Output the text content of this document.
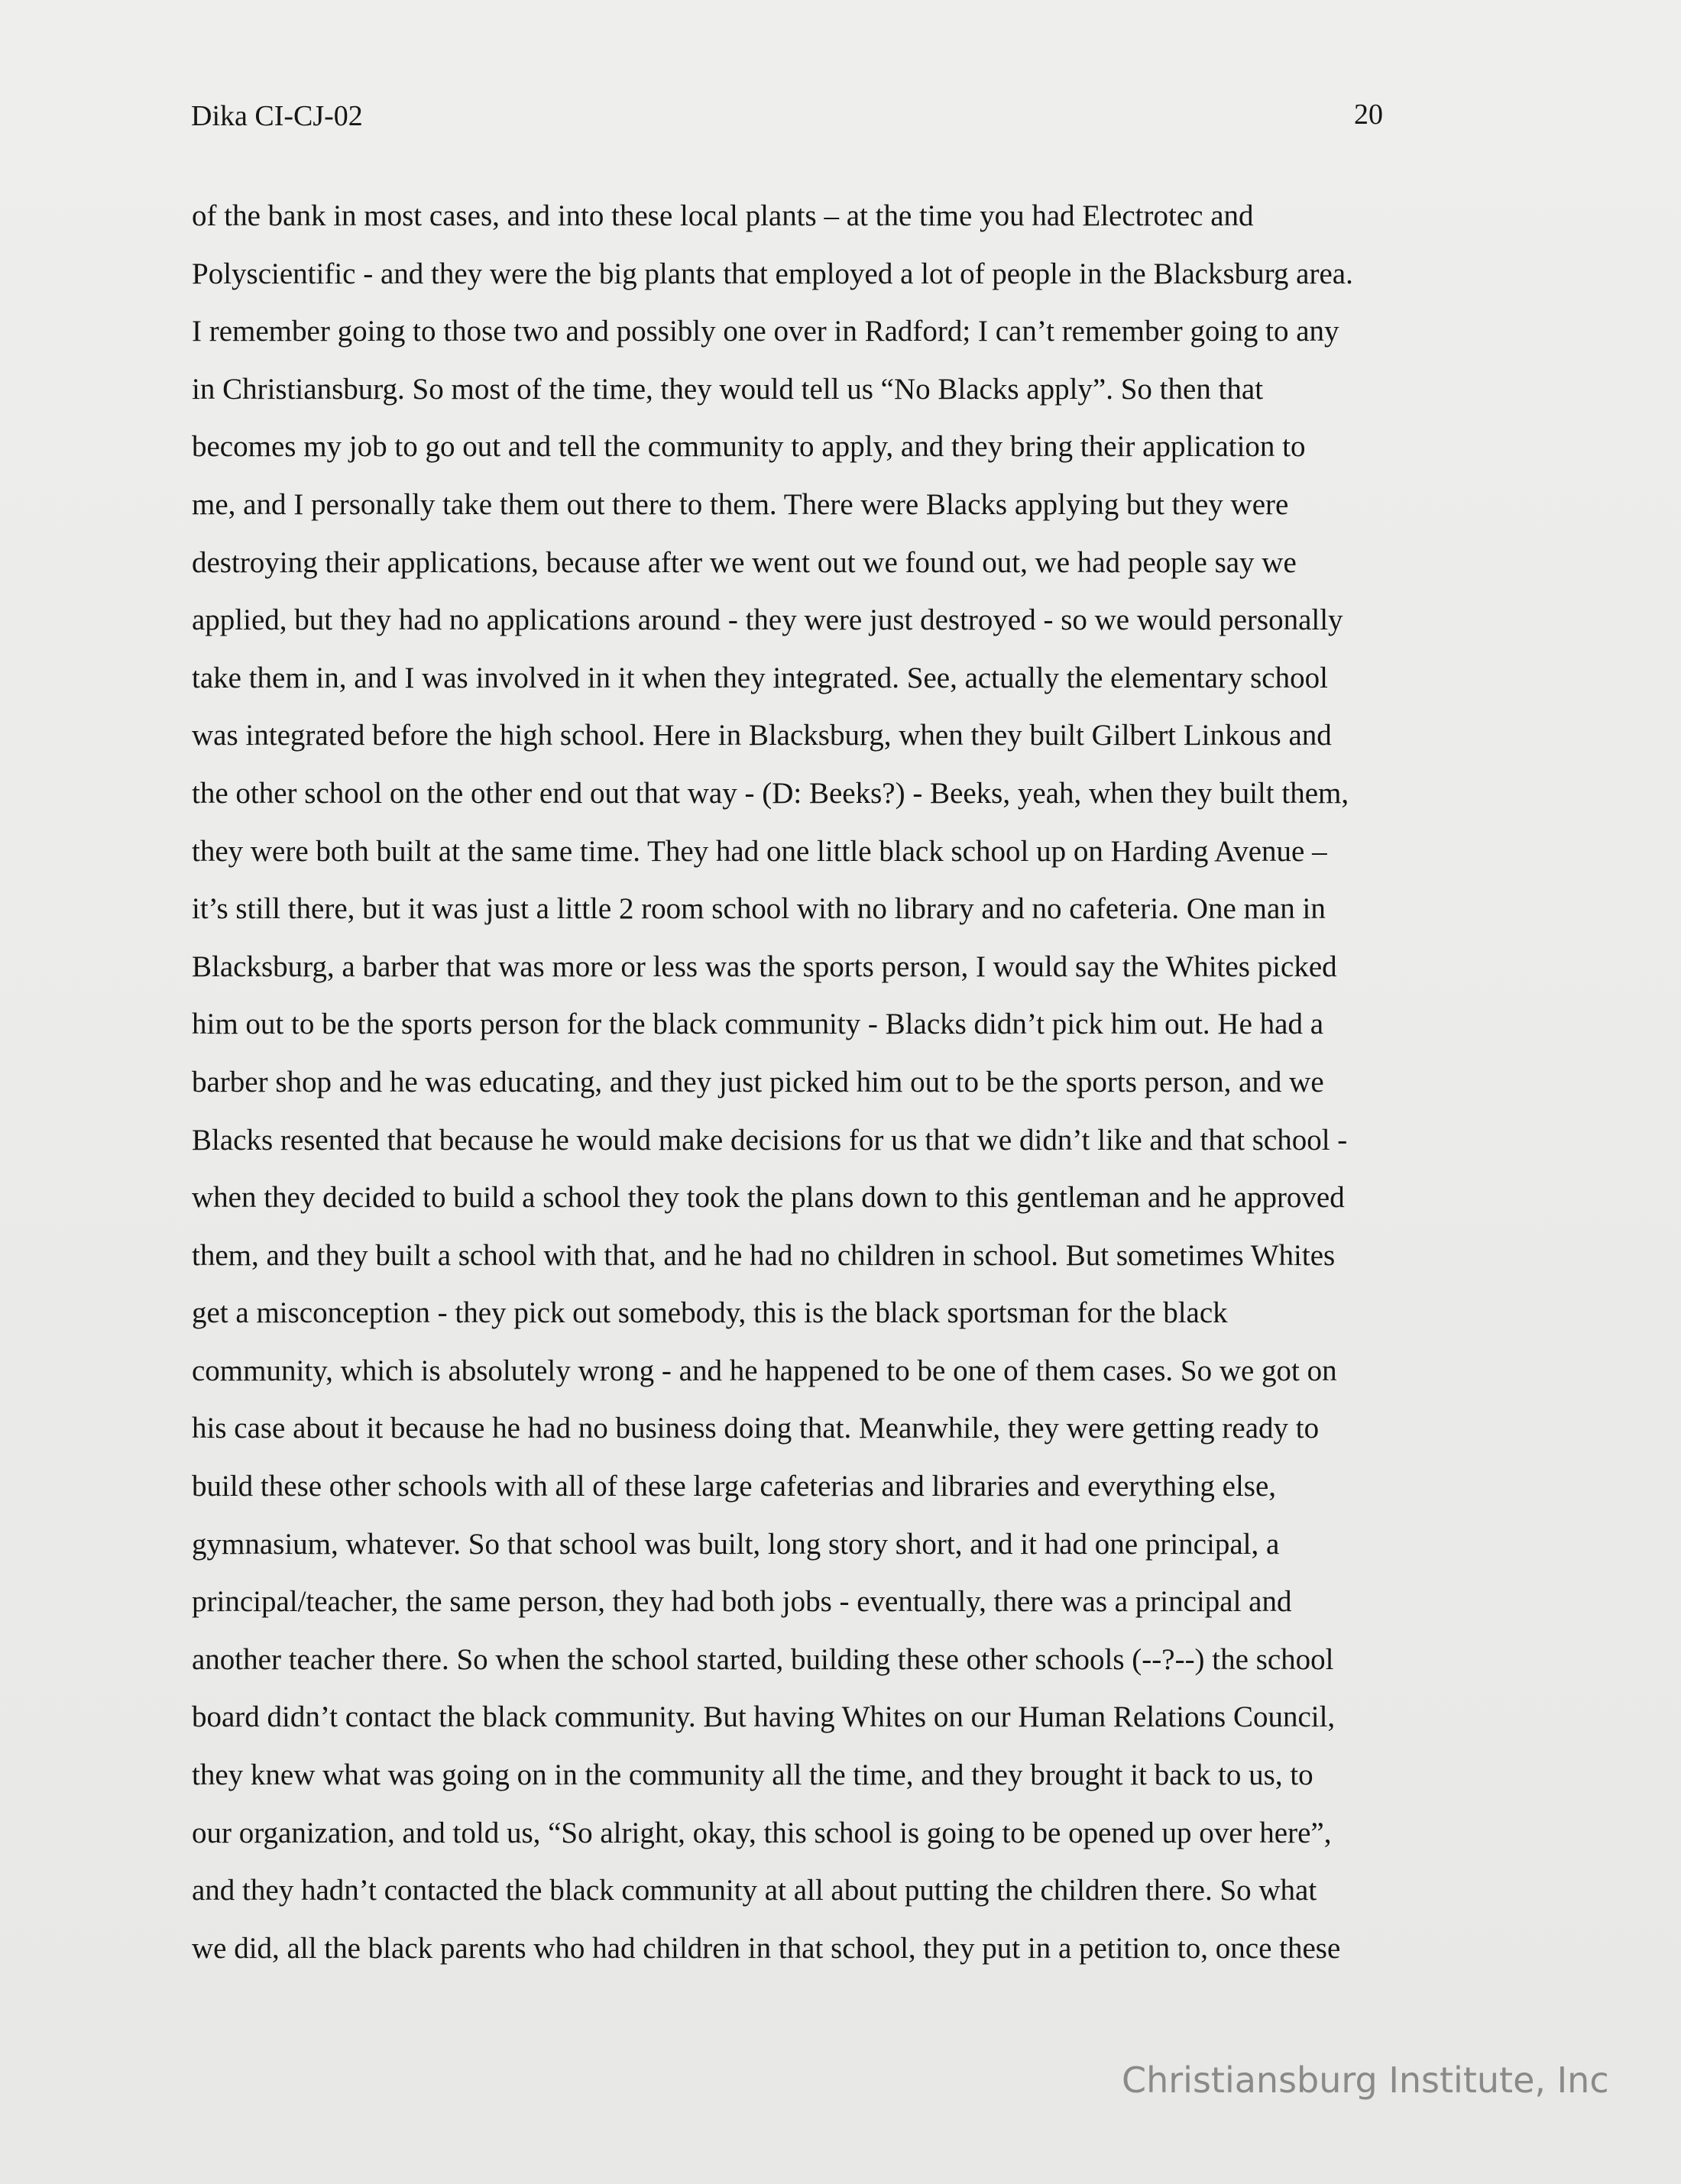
Dika CI-CJ-02	20
of the bank in most cases, and into these local plants – at the time you had Electrotec and
Polyscientific - and they were the big plants that employed a lot of people in the Blacksburg area.
I remember going to those two and possibly one over in Radford; I can’t remember going to any
in Christiansburg. So most of the time, they would tell us “No Blacks apply”. So then that
becomes my job to go out and tell the community to apply, and they bring their application to
me, and I personally take them out there to them. There were Blacks applying but they were
destroying their applications, because after we went out we found out, we had people say we
applied, but they had no applications around - they were just destroyed - so we would personally
take them in, and I was involved in it when they integrated. See, actually the elementary school
was integrated before the high school. Here in Blacksburg, when they built Gilbert Linkous and
the other school on the other end out that way - (D: Beeks?) - Beeks, yeah, when they built them,
they were both built at the same time. They had one little black school up on Harding Avenue –
it’s still there, but it was just a little 2 room school with no library and no cafeteria. One man in
Blacksburg, a barber that was more or less was the sports person, I would say the Whites picked
him out to be the sports person for the black community - Blacks didn’t pick him out. He had a
barber shop and he was educating, and they just picked him out to be the sports person, and we
Blacks resented that because he would make decisions for us that we didn’t like and that school -
when they decided to build a school they took the plans down to this gentleman and he approved
them, and they built a school with that, and he had no children in school. But sometimes Whites
get a misconception - they pick out somebody, this is the black sportsman for the black
community, which is absolutely wrong - and he happened to be one of them cases. So we got on
his case about it because he had no business doing that. Meanwhile, they were getting ready to
build these other schools with all of these large cafeterias and libraries and everything else,
gymnasium, whatever. So that school was built, long story short, and it had one principal, a
principal/teacher, the same person, they had both jobs - eventually, there was a principal and
another teacher there. So when the school started, building these other schools (--?--) the school
board didn’t contact the black community. But having Whites on our Human Relations Council,
they knew what was going on in the community all the time, and they brought it back to us, to
our organization, and told us, “So alright, okay, this school is going to be opened up over here”,
and they hadn’t contacted the black community at all about putting the children there. So what
we did, all the black parents who had children in that school, they put in a petition to, once these
Christiansburg Institute, Inc
